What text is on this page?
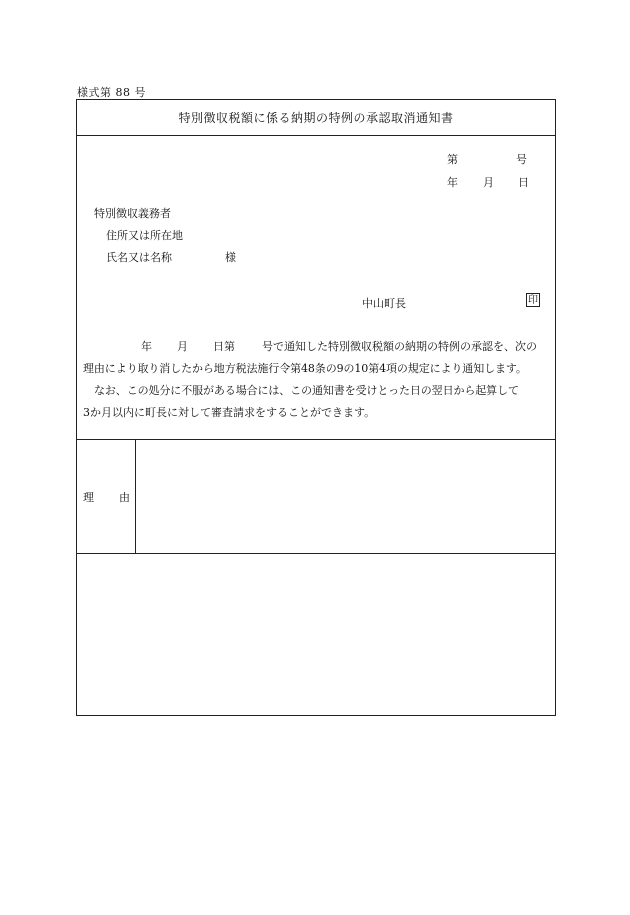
様式第 88 号
特別徴収税額に係る納期の特例の承認取消通知書
第	号
年 月 日
特別徴収義務者
住所又は所在地
氏名又は名称	様
中山町長	印
年 月 日第 号で通知した特別徴収税額の納期の特例の承認を、次の
理由により取り消したから地方税法施行令第48条の9の10第4項の規定により通知します。
なお、この処分に不服がある場合には、この通知書を受けとった日の翌日から起算して
3か月以内に町長に対して審査請求をすることができます。
理 由
